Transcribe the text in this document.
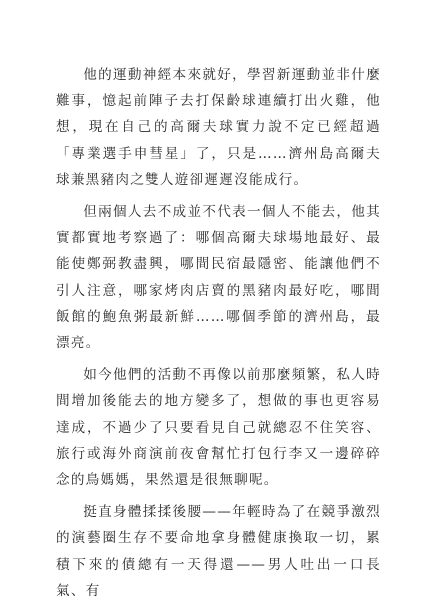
他的運動神經本來就好，學習新運動並非什麼難事，憶起前陣子去打保齡球連續打出火雞，他想，現在自己的高爾夫球實力說不定已經超過「專業選手申彗星」了，只是……濟州島高爾夫球兼黑豬肉之雙人遊卻遲遲沒能成行。

但兩個人去不成並不代表一個人不能去，他其實都實地考察過了：哪個高爾夫球場地最好、最能使鄭弼教盡興，哪間民宿最隱密、能讓他們不引人注意，哪家烤肉店賣的黑豬肉最好吃，哪間飯館的鮑魚粥最新鮮……哪個季節的濟州島，最漂亮。

如今他們的活動不再像以前那麼頻繁，私人時間增加後能去的地方變多了，想做的事也更容易達成，不過少了只要看見自己就總忍不住笑容、旅行或海外商演前夜會幫忙打包行李又一邊碎碎念的鳥媽媽，果然還是很無聊呢。

挺直身體揉揉後腰——年輕時為了在競爭激烈的演藝圈生存不要命地拿身體健康換取一切，累積下來的債總有一天得還——男人吐出一口長氣、有
